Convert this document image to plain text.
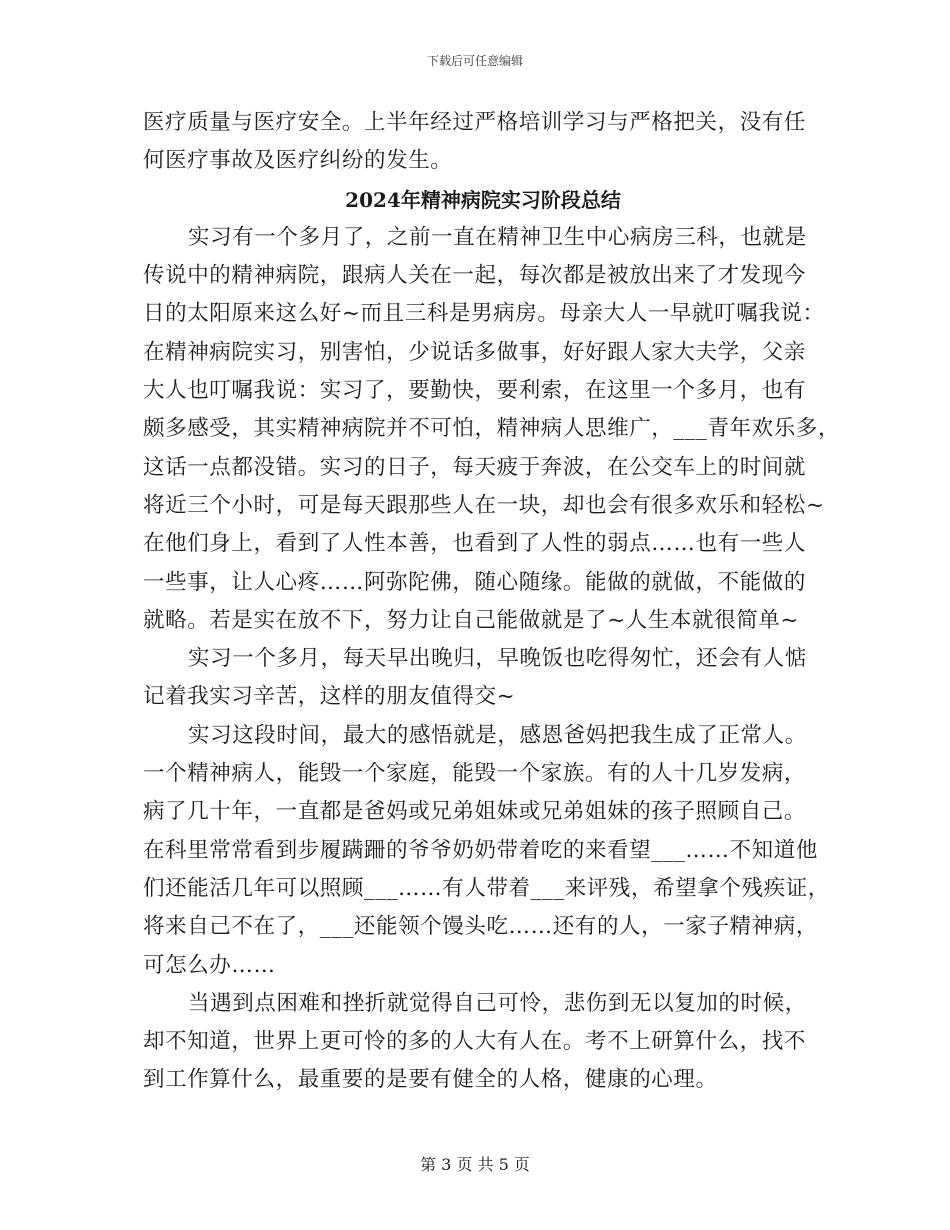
下载后可任意编辑
医疗质量与医疗安全。上半年经过严格培训学习与严格把关，没有任
何医疗事故及医疗纠纷的发生。
2024年精神病院实习阶段总结
实习有一个多月了，之前一直在精神卫生中心病房三科，也就是
传说中的精神病院，跟病人关在一起，每次都是被放出来了才发现今
日的太阳原来这么好~而且三科是男病房。母亲大人一早就叮嘱我说：
在精神病院实习，别害怕，少说话多做事，好好跟人家大夫学，父亲
大人也叮嘱我说：实习了，要勤快，要利索，在这里一个多月，也有
颇多感受，其实精神病院并不可怕，精神病人思维广，___青年欢乐多，
这话一点都没错。实习的日子，每天疲于奔波，在公交车上的时间就
将近三个小时，可是每天跟那些人在一块，却也会有很多欢乐和轻松~
在他们身上，看到了人性本善，也看到了人性的弱点……也有一些人
一些事，让人心疼……阿弥陀佛，随心随缘。能做的就做，不能做的
就略。若是实在放不下，努力让自己能做就是了~人生本就很简单~
实习一个多月，每天早出晚归，早晚饭也吃得匆忙，还会有人惦
记着我实习辛苦，这样的朋友值得交~
实习这段时间，最大的感悟就是，感恩爸妈把我生成了正常人。
一个精神病人，能毁一个家庭，能毁一个家族。有的人十几岁发病，
病了几十年，一直都是爸妈或兄弟姐妹或兄弟姐妹的孩子照顾自己。
在科里常常看到步履蹒跚的爷爷奶奶带着吃的来看望___……不知道他
们还能活几年可以照顾___……有人带着___来评残，希望拿个残疾证，
将来自己不在了，___还能领个馒头吃……还有的人，一家子精神病，
可怎么办……
当遇到点困难和挫折就觉得自己可怜，悲伤到无以复加的时候，
却不知道，世界上更可怜的多的人大有人在。考不上研算什么，找不
到工作算什么，最重要的是要有健全的人格，健康的心理。
第 3 页 共 5 页
